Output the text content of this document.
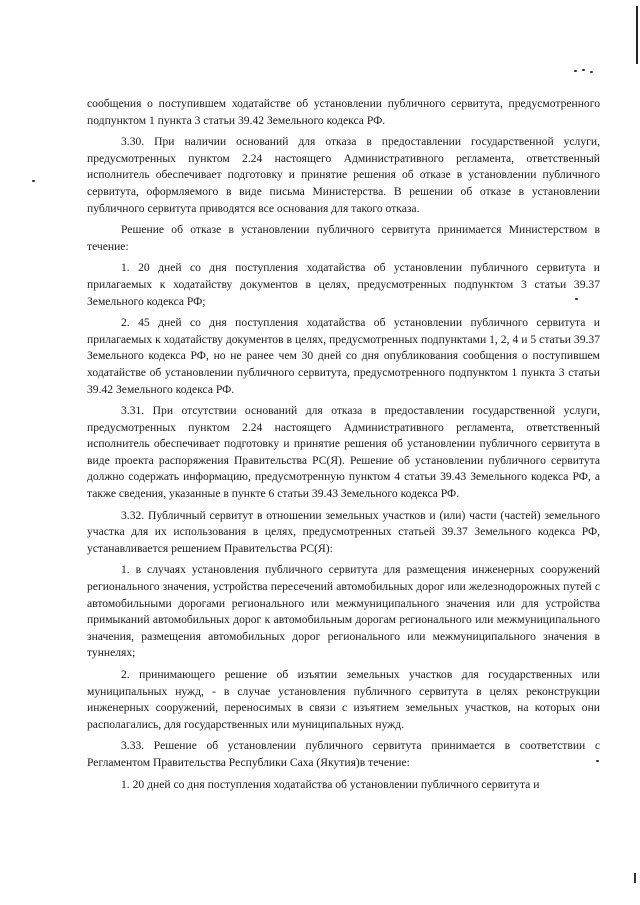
сообщения о поступившем ходатайстве об установлении публичного сервитута, предусмотренного подпунктом 1 пункта 3 статьи 39.42 Земельного кодекса РФ.

3.30. При наличии оснований для отказа в предоставлении государственной услуги, предусмотренных пунктом 2.24 настоящего Административного регламента, ответственный исполнитель обеспечивает подготовку и принятие решения об отказе в установлении публичного сервитута, оформляемого в виде письма Министерства. В решении об отказе в установлении публичного сервитута приводятся все основания для такого отказа.

Решение об отказе в установлении публичного сервитута принимается Министерством в течение:

1. 20 дней со дня поступления ходатайства об установлении публичного сервитута и прилагаемых к ходатайству документов в целях, предусмотренных подпунктом 3 статьи 39.37 Земельного кодекса РФ;

2. 45 дней со дня поступления ходатайства об установлении публичного сервитута и прилагаемых к ходатайству документов в целях, предусмотренных подпунктами 1, 2, 4 и 5 статьи 39.37 Земельного кодекса РФ, но не ранее чем 30 дней со дня опубликования сообщения о поступившем ходатайстве об установлении публичного сервитута, предусмотренного подпунктом 1 пункта 3 статьи 39.42 Земельного кодекса РФ.

3.31. При отсутствии оснований для отказа в предоставлении государственной услуги, предусмотренных пунктом 2.24 настоящего Административного регламента, ответственный исполнитель обеспечивает подготовку и принятие решения об установлении публичного сервитута в виде проекта распоряжения Правительства РС(Я). Решение об установлении публичного сервитута должно содержать информацию, предусмотренную пунктом 4 статьи 39.43 Земельного кодекса РФ, а также сведения, указанные в пункте 6 статьи 39.43 Земельного кодекса РФ.

3.32. Публичный сервитут в отношении земельных участков и (или) части (частей) земельного участка для их использования в целях, предусмотренных статьей 39.37 Земельного кодекса РФ, устанавливается решением Правительства РС(Я):

1. в случаях установления публичного сервитута для размещения инженерных сооружений регионального значения, устройства пересечений автомобильных дорог или железнодорожных путей с автомобильными дорогами регионального или межмуниципального значения или для устройства примыканий автомобильных дорог к автомобильным дорогам регионального или межмуниципального значения, размещения автомобильных дорог регионального или межмуниципального значения в туннелях;

2. принимающего решение об изъятии земельных участков для государственных или муниципальных нужд, - в случае установления публичного сервитута в целях реконструкции инженерных сооружений, переносимых в связи с изъятием земельных участков, на которых они располагались, для государственных или муниципальных нужд.

3.33. Решение об установлении публичного сервитута принимается в соответствии с Регламентом Правительства Республики Саха (Якутия)в течение:

1. 20 дней со дня поступления ходатайства об установлении публичного сервитута и
